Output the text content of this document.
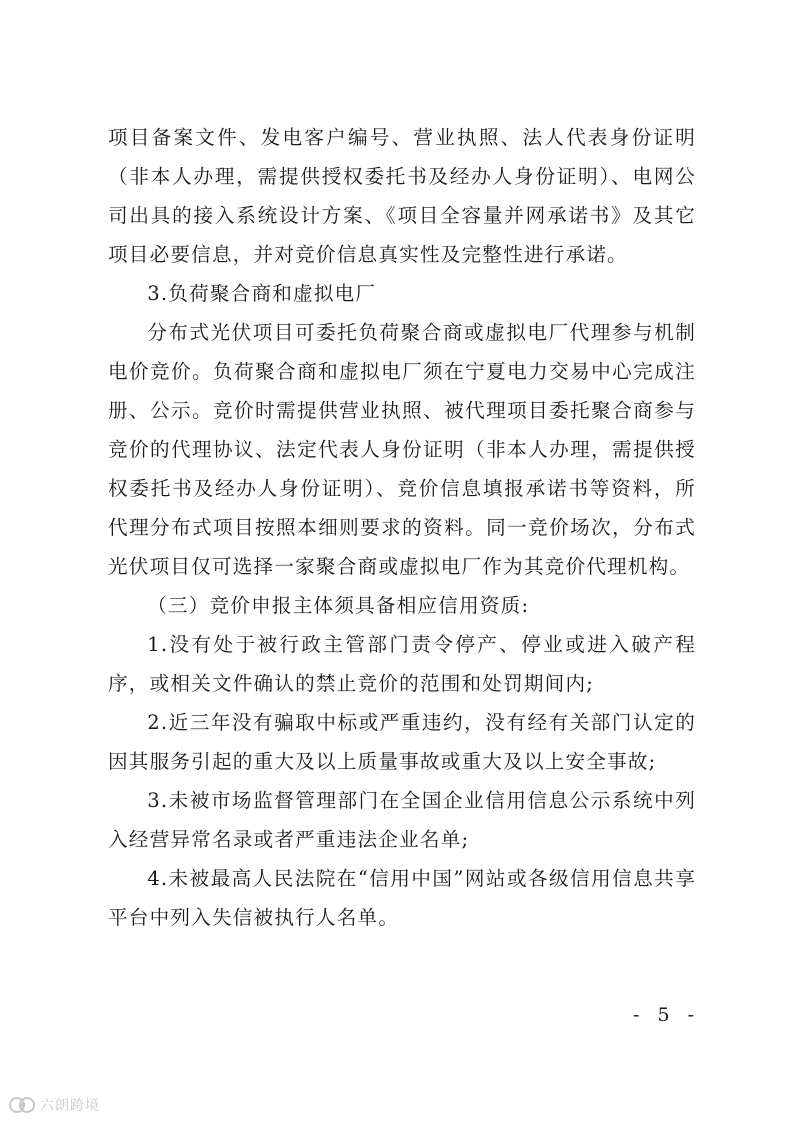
项目备案文件、发电客户编号、营业执照、法人代表身份证明（非本人办理，需提供授权委托书及经办人身份证明）、电网公司出具的接入系统设计方案、《项目全容量并网承诺书》及其它项目必要信息，并对竞价信息真实性及完整性进行承诺。

3.负荷聚合商和虚拟电厂

分布式光伏项目可委托负荷聚合商或虚拟电厂代理参与机制电价竞价。负荷聚合商和虚拟电厂须在宁夏电力交易中心完成注册、公示。竞价时需提供营业执照、被代理项目委托聚合商参与竞价的代理协议、法定代表人身份证明（非本人办理，需提供授权委托书及经办人身份证明）、竞价信息填报承诺书等资料，所代理分布式项目按照本细则要求的资料。同一竞价场次，分布式光伏项目仅可选择一家聚合商或虚拟电厂作为其竞价代理机构。

（三）竞价申报主体须具备相应信用资质:

1.没有处于被行政主管部门责令停产、停业或进入破产程序，或相关文件确认的禁止竞价的范围和处罚期间内;

2.近三年没有骗取中标或严重违约，没有经有关部门认定的因其服务引起的重大及以上质量事故或重大及以上安全事故;

3.未被市场监督管理部门在全国企业信用信息公示系统中列入经营异常名录或者严重违法企业名单;

4.未被最高人民法院在“信用中国”网站或各级信用信息共享平台中列入失信被执行人名单。

- 5 -
六朗跨境
